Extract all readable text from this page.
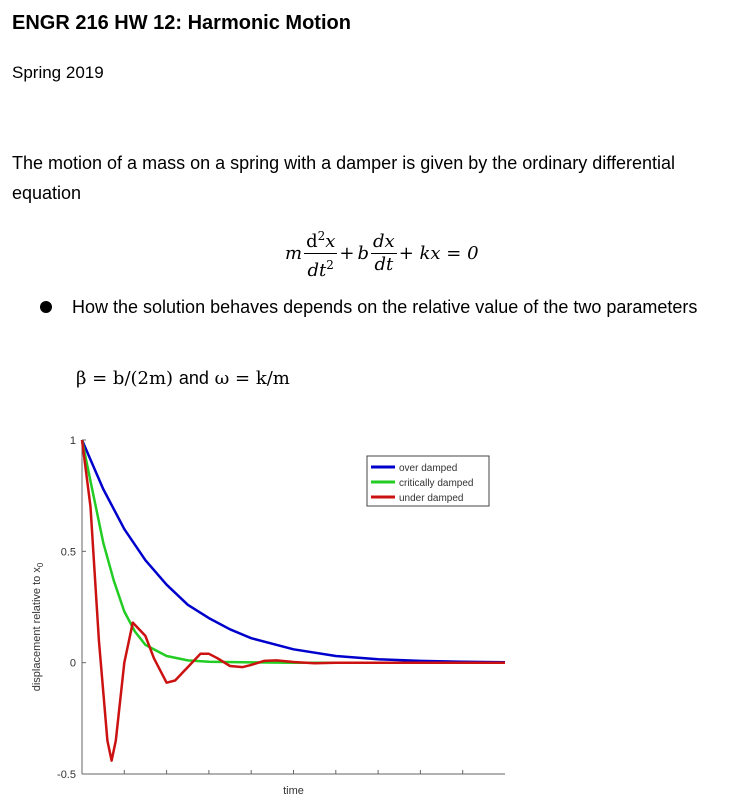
ENGR 216 HW 12: Harmonic Motion
Spring 2019
The motion of a mass on a spring with a damper is given by the ordinary differential equation
m $\frac{d^2x}{dt^2} + b \frac{dx}{dt}$ + kx = 0
How the solution behaves depends on the relative value of the two parameters
β = b/(2m) and ω = k/m
1
0.5
0
-0.5
over damped
critically damped
under damped
time
displacement relative to $x_0$
